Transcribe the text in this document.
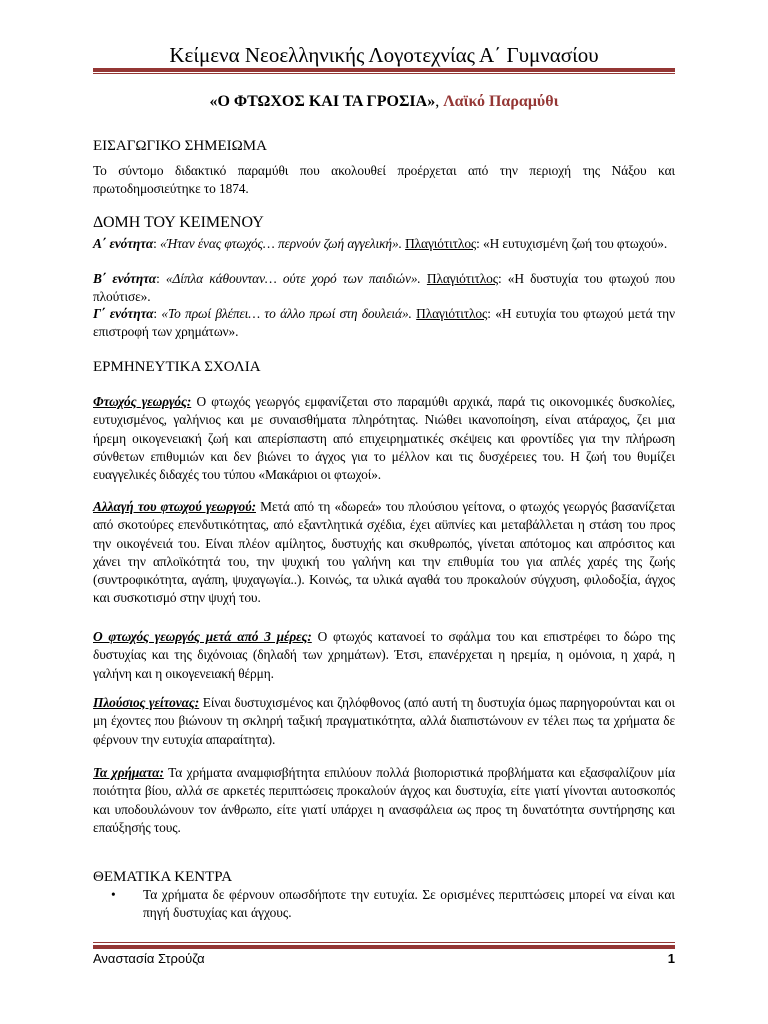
Κείμενα Νεοελληνικής Λογοτεχνίας Α΄ Γυμνασίου
«Ο ΦΤΩΧΟΣ ΚΑΙ ΤΑ ΓΡΟΣΙΑ», Λαϊκό Παραμύθι
ΕΙΣΑΓΩΓΙΚΟ ΣΗΜΕΙΩΜΑ
Το σύντομο διδακτικό παραμύθι που ακολουθεί προέρχεται από την περιοχή της Νάξου και πρωτοδημοσιεύτηκε το 1874.
ΔΟΜΗ ΤΟΥ ΚΕΙΜΕΝΟΥ
Α΄ ενότητα: «Ήταν ένας φτωχός… περνούν ζωή αγγελική». Πλαγιότιτλος: «Η ευτυχισμένη ζωή του φτωχού».
Β΄ ενότητα: «Δίπλα κάθουνταν… ούτε χορό των παιδιών». Πλαγιότιτλος: «Η δυστυχία του φτωχού που πλούτισε».
Γ΄ ενότητα: «Το πρωί βλέπει… το άλλο πρωί στη δουλειά». Πλαγιότιτλος: «Η ευτυχία του φτωχού μετά την επιστροφή των χρημάτων».
ΕΡΜΗΝΕΥΤΙΚΑ ΣΧΟΛΙΑ
Φτωχός γεωργός: Ο φτωχός γεωργός εμφανίζεται στο παραμύθι αρχικά, παρά τις οικονομικές δυσκολίες, ευτυχισμένος, γαλήνιος και με συναισθήματα πληρότητας. Νιώθει ικανοποίηση, είναι ατάραχος, ζει μια ήρεμη οικογενειακή ζωή και απερίσπαστη από επιχειρηματικές σκέψεις και φροντίδες για την πλήρωση σύνθετων επιθυμιών και δεν βιώνει το άγχος για το μέλλον και τις δυσχέρειες του. Η ζωή του θυμίζει ευαγγελικές διδαχές του τύπου «Μακάριοι οι φτωχοί».
Αλλαγή του φτωχού γεωργού: Μετά από τη «δωρεά» του πλούσιου γείτονα, ο φτωχός γεωργός βασανίζεται από σκοτούρες επενδυτικότητας, από εξαντλητικά σχέδια, έχει αϋπνίες και μεταβάλλεται η στάση του προς την οικογένειά του. Είναι πλέον αμίλητος, δυστυχής και σκυθρωπός, γίνεται απότομος και απρόσιτος και χάνει την απλοϊκότητά του, την ψυχική του γαλήνη και την επιθυμία του για απλές χαρές της ζωής (συντροφικότητα, αγάπη, ψυχαγωγία..). Κοινώς, τα υλικά αγαθά του προκαλούν σύγχυση, φιλοδοξία, άγχος και συσκοτισμό στην ψυχή του.
Ο φτωχός γεωργός μετά από 3 μέρες: Ο φτωχός κατανοεί το σφάλμα του και επιστρέφει το δώρο της δυστυχίας και της διχόνοιας (δηλαδή των χρημάτων). Έτσι, επανέρχεται η ηρεμία, η ομόνοια, η χαρά, η γαλήνη και η οικογενειακή θέρμη.
Πλούσιος γείτονας: Είναι δυστυχισμένος και ζηλόφθονος (από αυτή τη δυστυχία όμως παρηγορούνται και οι μη έχοντες που βιώνουν τη σκληρή ταξική πραγματικότητα, αλλά διαπιστώνουν εν τέλει πως τα χρήματα δε φέρνουν την ευτυχία απαραίτητα).
Τα χρήματα: Τα χρήματα αναμφισβήτητα επιλύουν πολλά βιοποριστικά προβλήματα και εξασφαλίζουν μία ποιότητα βίου, αλλά σε αρκετές περιπτώσεις προκαλούν άγχος και δυστυχία, είτε γιατί γίνονται αυτοσκοπός και υποδουλώνουν τον άνθρωπο, είτε γιατί υπάρχει η ανασφάλεια ως προς τη δυνατότητα συντήρησης και επαύξησής τους.
ΘΕΜΑΤΙΚΑ ΚΕΝΤΡΑ
• Τα χρήματα δε φέρνουν οπωσδήποτε την ευτυχία. Σε ορισμένες περιπτώσεις μπορεί να είναι και πηγή δυστυχίας και άγχους.
Αναστασία Στρούζα	1
